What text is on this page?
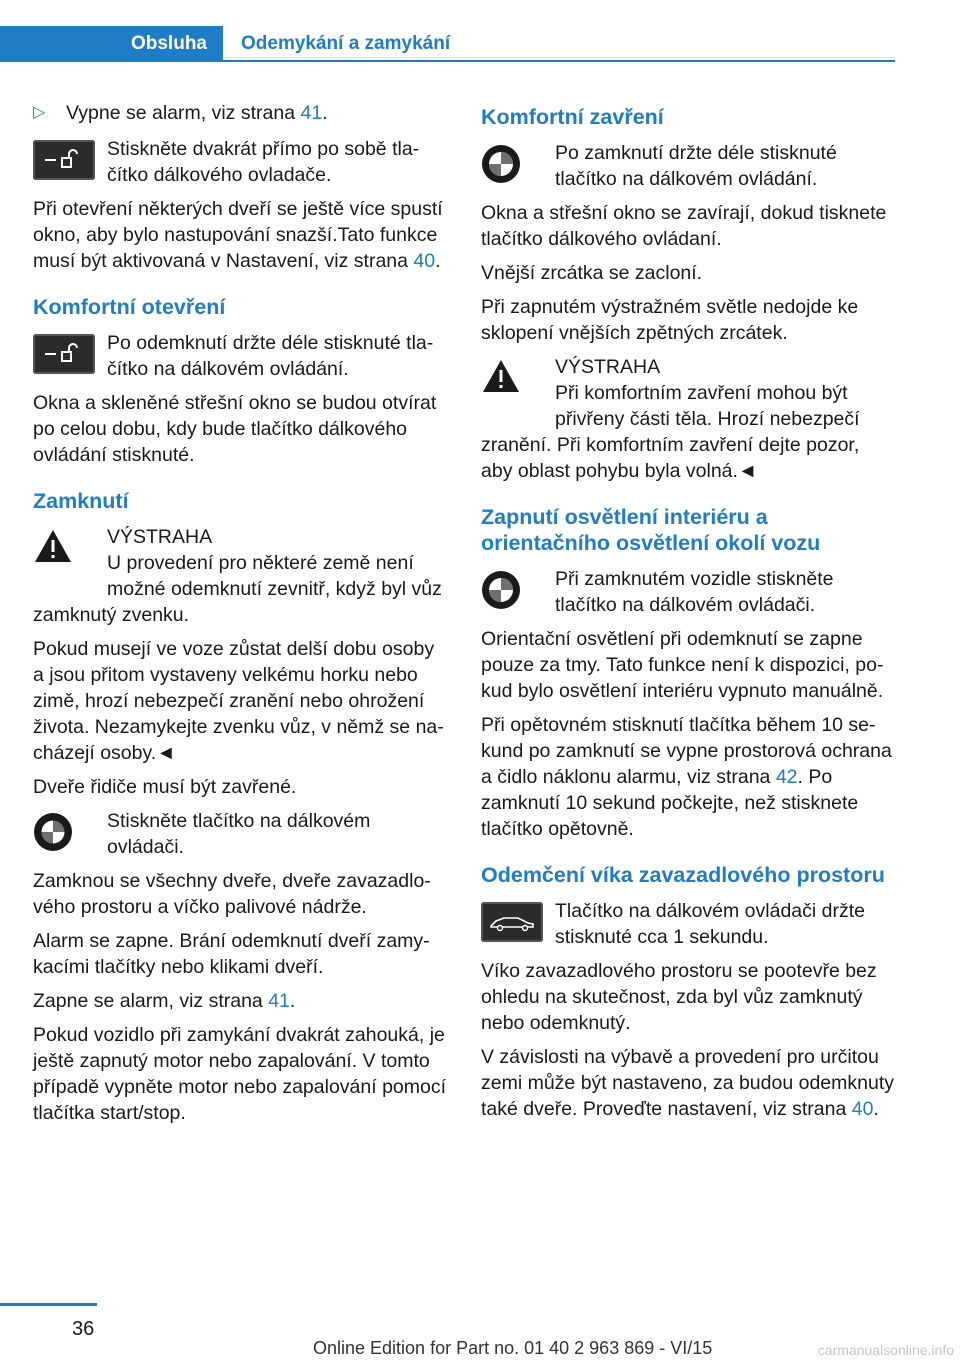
Obsluha	Odemykání a zamykání
▷	Vypne se alarm, viz strana 41.
Stiskněte dvakrát přímo po sobě tlačítko dálkového ovladače.

Při otevření některých dveří se ještě více spustí okno, aby bylo nastupování snazší.Tato funkce musí být aktivovaná v Nastavení, viz strana 40.

Komfortní otevření
Po odemknutí držte déle stisknuté tlačítko na dálkovém ovládání.

Okna a skleněné střešní okno se budou otvírat po celou dobu, kdy bude tlačítko dálkového ovládání stisknuté.

Zamknutí
VÝSTRAHA
U provedení pro některé země není možné odemknutí zevnitř, když byl vůz zamknutý zvenku.
Pokud musejí ve voze zůstat delší dobu osoby a jsou přitom vystaveny velkému horku nebo zimě, hrozí nebezpečí zranění nebo ohrožení života. Nezamykejte zvenku vůz, v němž se nacházejí osoby.◄

Dveře řidiče musí být zavřené.

Stiskněte tlačítko na dálkovém ovládači.

Zamknou se všechny dveře, dveře zavazadlového prostoru a víčko palivové nádrže.

Alarm se zapne. Brání odemknutí dveří zamykacími tlačítky nebo klikami dveří.

Zapne se alarm, viz strana 41.

Pokud vozidlo při zamykání dvakrát zahouká, je ještě zapnutý motor nebo zapalování. V tomto případě vypněte motor nebo zapalování pomocí tlačítka start/stop.

Komfortní zavření
Po zamknutí držte déle stisknuté tlačítko na dálkovém ovládání.

Okna a střešní okno se zavírají, dokud tisknete tlačítko dálkového ovládaní.

Vnější zrcátka se zacloní.

Při zapnutém výstražném světle nedojde ke sklopení vnějších zpětných zrcátek.

VÝSTRAHA
Při komfortním zavření mohou být přivřeny části těla. Hrozí nebezpečí zranění. Při komfortním zavření dejte pozor, aby oblast pohybu byla volná.◄
Zapnutí osvětlení interiéru a orientačního osvětlení okolí vozu
Při zamknutém vozidle stiskněte tlačítko na dálkovém ovládači.

Orientační osvětlení při odemknutí se zapne pouze za tmy. Tato funkce není k dispozici, pokud bylo osvětlení interiéru vypnuto manuálně.

Při opětovném stisknutí tlačítka během 10 sekund po zamknutí se vypne prostorová ochrana a čidlo náklonu alarmu, viz strana 42. Po zamknutí 10 sekund počkejte, než stisknete tlačítko opětovně.

Odemčení víka zavazadlového prostoru
Tlačítko na dálkovém ovládači držte stisknuté cca 1 sekundu.

Víko zavazadlového prostoru se pootevře bez ohledu na skutečnost, zda byl vůz zamknutý nebo odemknutý.

V závislosti na výbavě a provedení pro určitou zemi může být nastaveno, za budou odemknuty také dveře. Proveďte nastavení, viz strana 40.

36
Online Edition for Part no. 01 40 2 963 869 - VI/15	carmanualsonline.info
